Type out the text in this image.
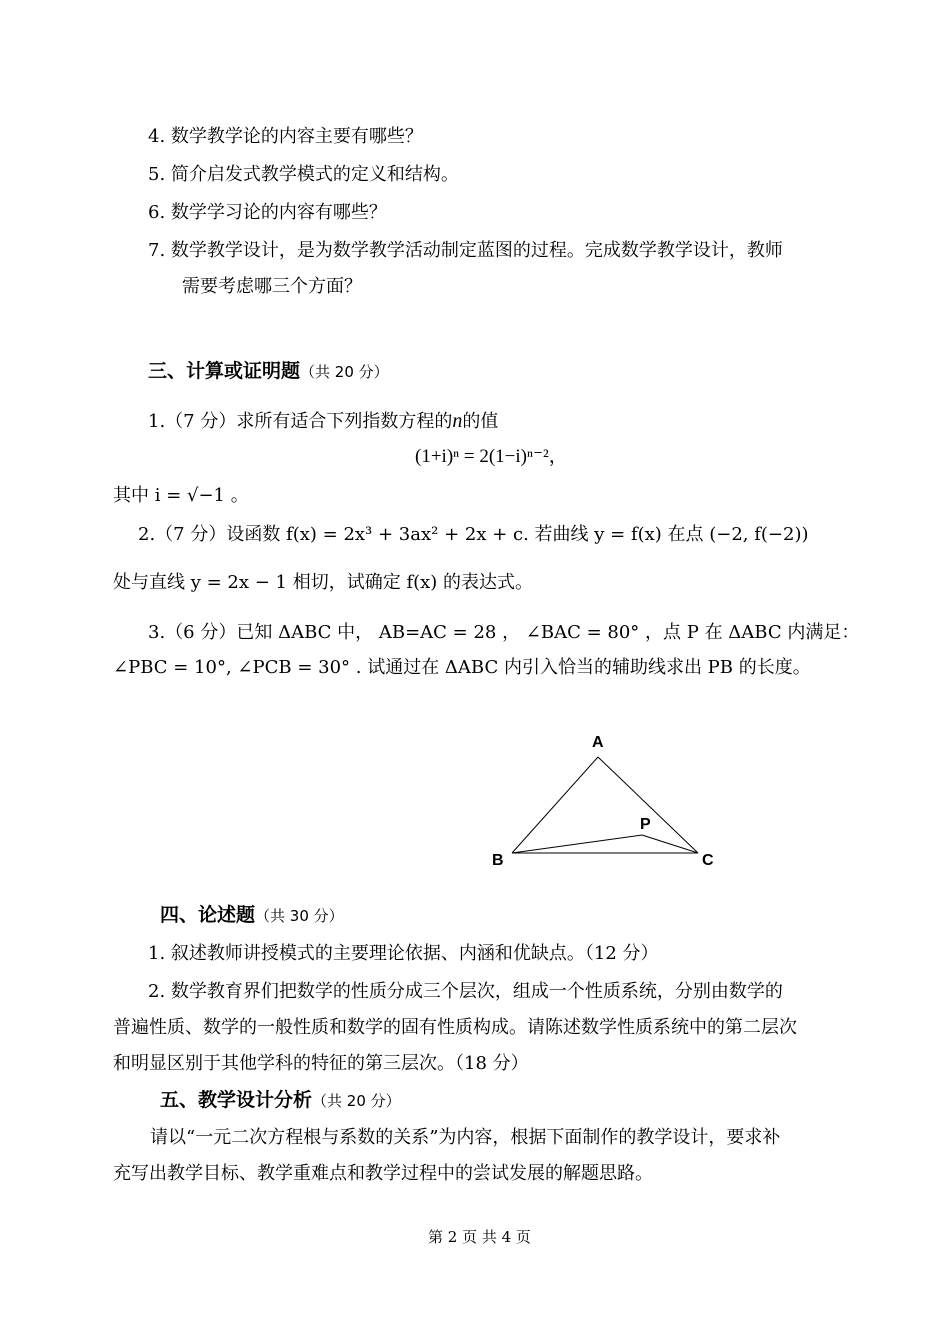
4. 数学教学论的内容主要有哪些？
5. 简介启发式教学模式的定义和结构。
6. 数学学习论的内容有哪些？
7. 数学教学设计，是为数学教学活动制定蓝图的过程。完成数学教学设计，教师
需要考虑哪三个方面？
三、计算或证明题（共 20 分）
1.（7 分）求所有适合下列指数方程的n的值
(1+i)ⁿ = 2(1−i)ⁿ⁻²，
其中 i = √−1 。
2.（7 分）设函数 f(x) = 2x³ + 3ax² + 2x + c. 若曲线 y = f(x) 在点 (−2, f(−2))
处与直线 y = 2x − 1 相切，试确定 f(x) 的表达式。
3.（6 分）已知 ΔABC 中， AB=AC = 28 ， ∠BAC = 80° ，点 P 在 ΔABC 内满足：
∠PBC = 10°, ∠PCB = 30° . 试通过在 ΔABC 内引入恰当的辅助线求出 PB 的长度。
A
B	C
P
四、论述题（共 30 分）
1. 叙述教师讲授模式的主要理论依据、内涵和优缺点。（12 分）
2. 数学教育界们把数学的性质分成三个层次，组成一个性质系统，分别由数学的
普遍性质、数学的一般性质和数学的固有性质构成。请陈述数学性质系统中的第二层次
和明显区别于其他学科的特征的第三层次。（18 分）
五、教学设计分析（共 20 分）
请以“一元二次方程根与系数的关系”为内容，根据下面制作的教学设计，要求补
充写出教学目标、教学重难点和教学过程中的尝试发展的解题思路。
第 2 页 共 4 页
